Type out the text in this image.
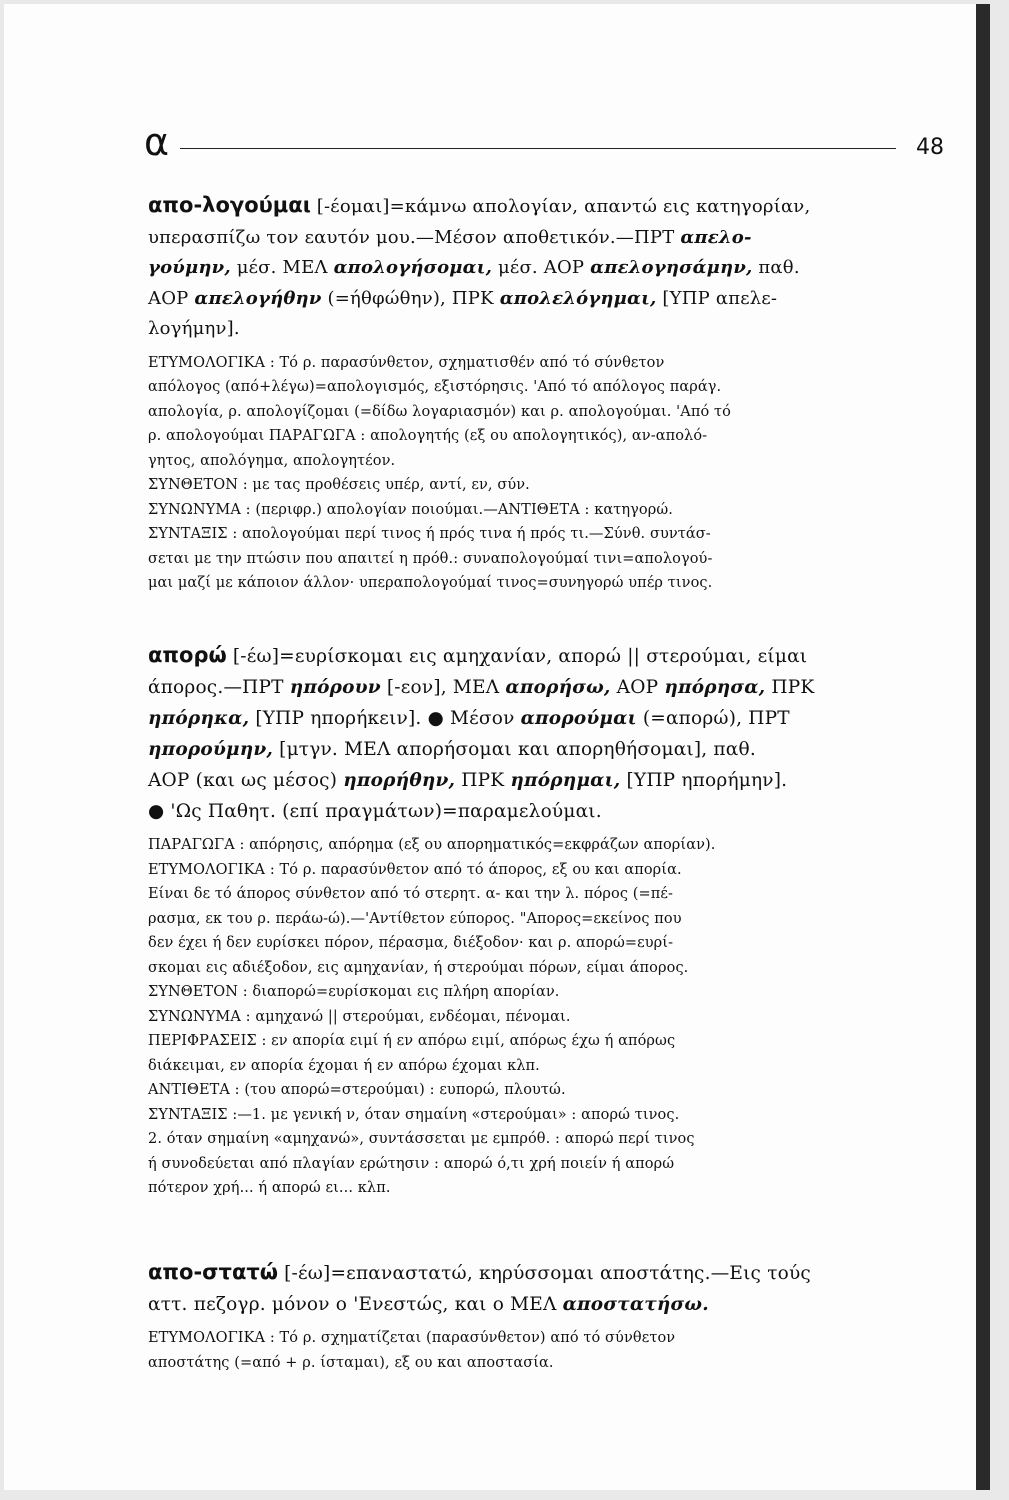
α	48

απο-λογούμαι [-έομαι]=κάμνω απολογίαν, απαντώ εις κατηγορίαν,
υπερασπίζω τον εαυτόν μου.—Μέσον αποθετικόν.—ΠΡΤ απελο-
γούμην, μέσ. ΜΕΛ απολογήσομαι, μέσ. ΑΟΡ απελογησάμην, παθ.
ΑΟΡ απελογήθην (=ήθφώθην), ΠΡΚ απολελόγημαι, [ΥΠΡ απελε-
λογήμην].

ΕΤΥΜΟΛΟΓΙΚΑ : Τό ρ. παρασύνθετον, σχηματισθέν από τό σύνθετον
απόλογος (από+λέγω)=απολογισμός, εξιστόρησις. 'Από τό απόλογος παράγ.
απολογία, ρ. απολογίζομαι (=δίδω λογαριασμόν) και ρ. απολογούμαι. 'Από τό
ρ. απολογούμαι ΠΑΡΑΓΩΓΑ : απολογητής (εξ ου απολογητικός), αν-απολό-
γητος, απολόγημα, απολογητέον.
ΣΥΝΘΕΤΟΝ : με τας προθέσεις υπέρ, αντί, εν, σύν.
ΣΥΝΩΝΥΜΑ : (περιφρ.) απολογίαν ποιούμαι.—ΑΝΤΙΘΕΤΑ : κατηγορώ.
ΣΥΝΤΑΞΙΣ : απολογούμαι περί τινος ή πρός τινα ή πρός τι.—Σύνθ. συντάσ-
σεται με την πτώσιν που απαιτεί η πρόθ.: συναπολογούμαί τινι=απολογού-
μαι μαζί με κάποιον άλλον· υπεραπολογούμαί τινος=συνηγορώ υπέρ τινος.

απορώ [-έω]=ευρίσκομαι εις αμηχανίαν, απορώ || στερούμαι, είμαι
άπορος.—ΠΡΤ ηπόρουν [-εον], ΜΕΛ απορήσω, ΑΟΡ ηπόρησα, ΠΡΚ
ηπόρηκα, [ΥΠΡ ηπορήκειν]. ● Μέσον απορούμαι (=απορώ), ΠΡΤ
ηπορούμην, [μτγν. ΜΕΛ απορήσομαι και απορηθήσομαι], παθ.
ΑΟΡ (και ως μέσος) ηπορήθην, ΠΡΚ ηπόρημαι, [ΥΠΡ ηπορήμην].
● 'Ως Παθητ. (επί πραγμάτων)=παραμελούμαι.

ΠΑΡΑΓΩΓΑ : απόρησις, απόρημα (εξ ου απορηματικός=εκφράζων απορίαν).
ΕΤΥΜΟΛΟΓΙΚΑ : Τό ρ. παρασύνθετον από τό άπορος, εξ ου και απορία.
Είναι δε τό άπορος σύνθετον από τό στερητ. α- και την λ. πόρος (=πέ-
ρασμα, εκ του ρ. περάω-ώ).—'Αντίθετον εύπορος. "Απορος=εκείνος που
δεν έχει ή δεν ευρίσκει πόρον, πέρασμα, διέξοδον· και ρ. απορώ=ευρί-
σκομαι εις αδιέξοδον, εις αμηχανίαν, ή στερούμαι πόρων, είμαι άπορος.
ΣΥΝΘΕΤΟΝ : διαπορώ=ευρίσκομαι εις πλήρη απορίαν.
ΣΥΝΩΝΥΜΑ : αμηχανώ || στερούμαι, ενδέομαι, πένομαι.
ΠΕΡΙΦΡΑΣΕΙΣ : εν απορία ειμί ή εν απόρω ειμί, απόρως έχω ή απόρως
διάκειμαι, εν απορία έχομαι ή εν απόρω έχομαι κλπ.
ΑΝΤΙΘΕΤΑ : (του απορώ=στερούμαι) : ευπορώ, πλουτώ.
ΣΥΝΤΑΞΙΣ :—1. με γενική ν, όταν σημαίνη «στερούμαι» : απορώ τινος.
2. όταν σημαίνη «αμηχανώ», συντάσσεται με εμπρόθ. : απορώ περί τινος
ή συνοδεύεται από πλαγίαν ερώτησιν : απορώ ό,τι χρή ποιείν ή απορώ
πότερον χρή... ή απορώ ει... κλπ.

απο-στατώ [-έω]=επαναστατώ, κηρύσσομαι αποστάτης.—Εις τούς
αττ. πεζογρ. μόνον ο 'Ενεστώς, και ο ΜΕΛ αποστατήσω.

ΕΤΥΜΟΛΟΓΙΚΑ : Τό ρ. σχηματίζεται (παρασύνθετον) από τό σύνθετον
αποστάτης (=από + ρ. ίσταμαι), εξ ου και αποστασία.
